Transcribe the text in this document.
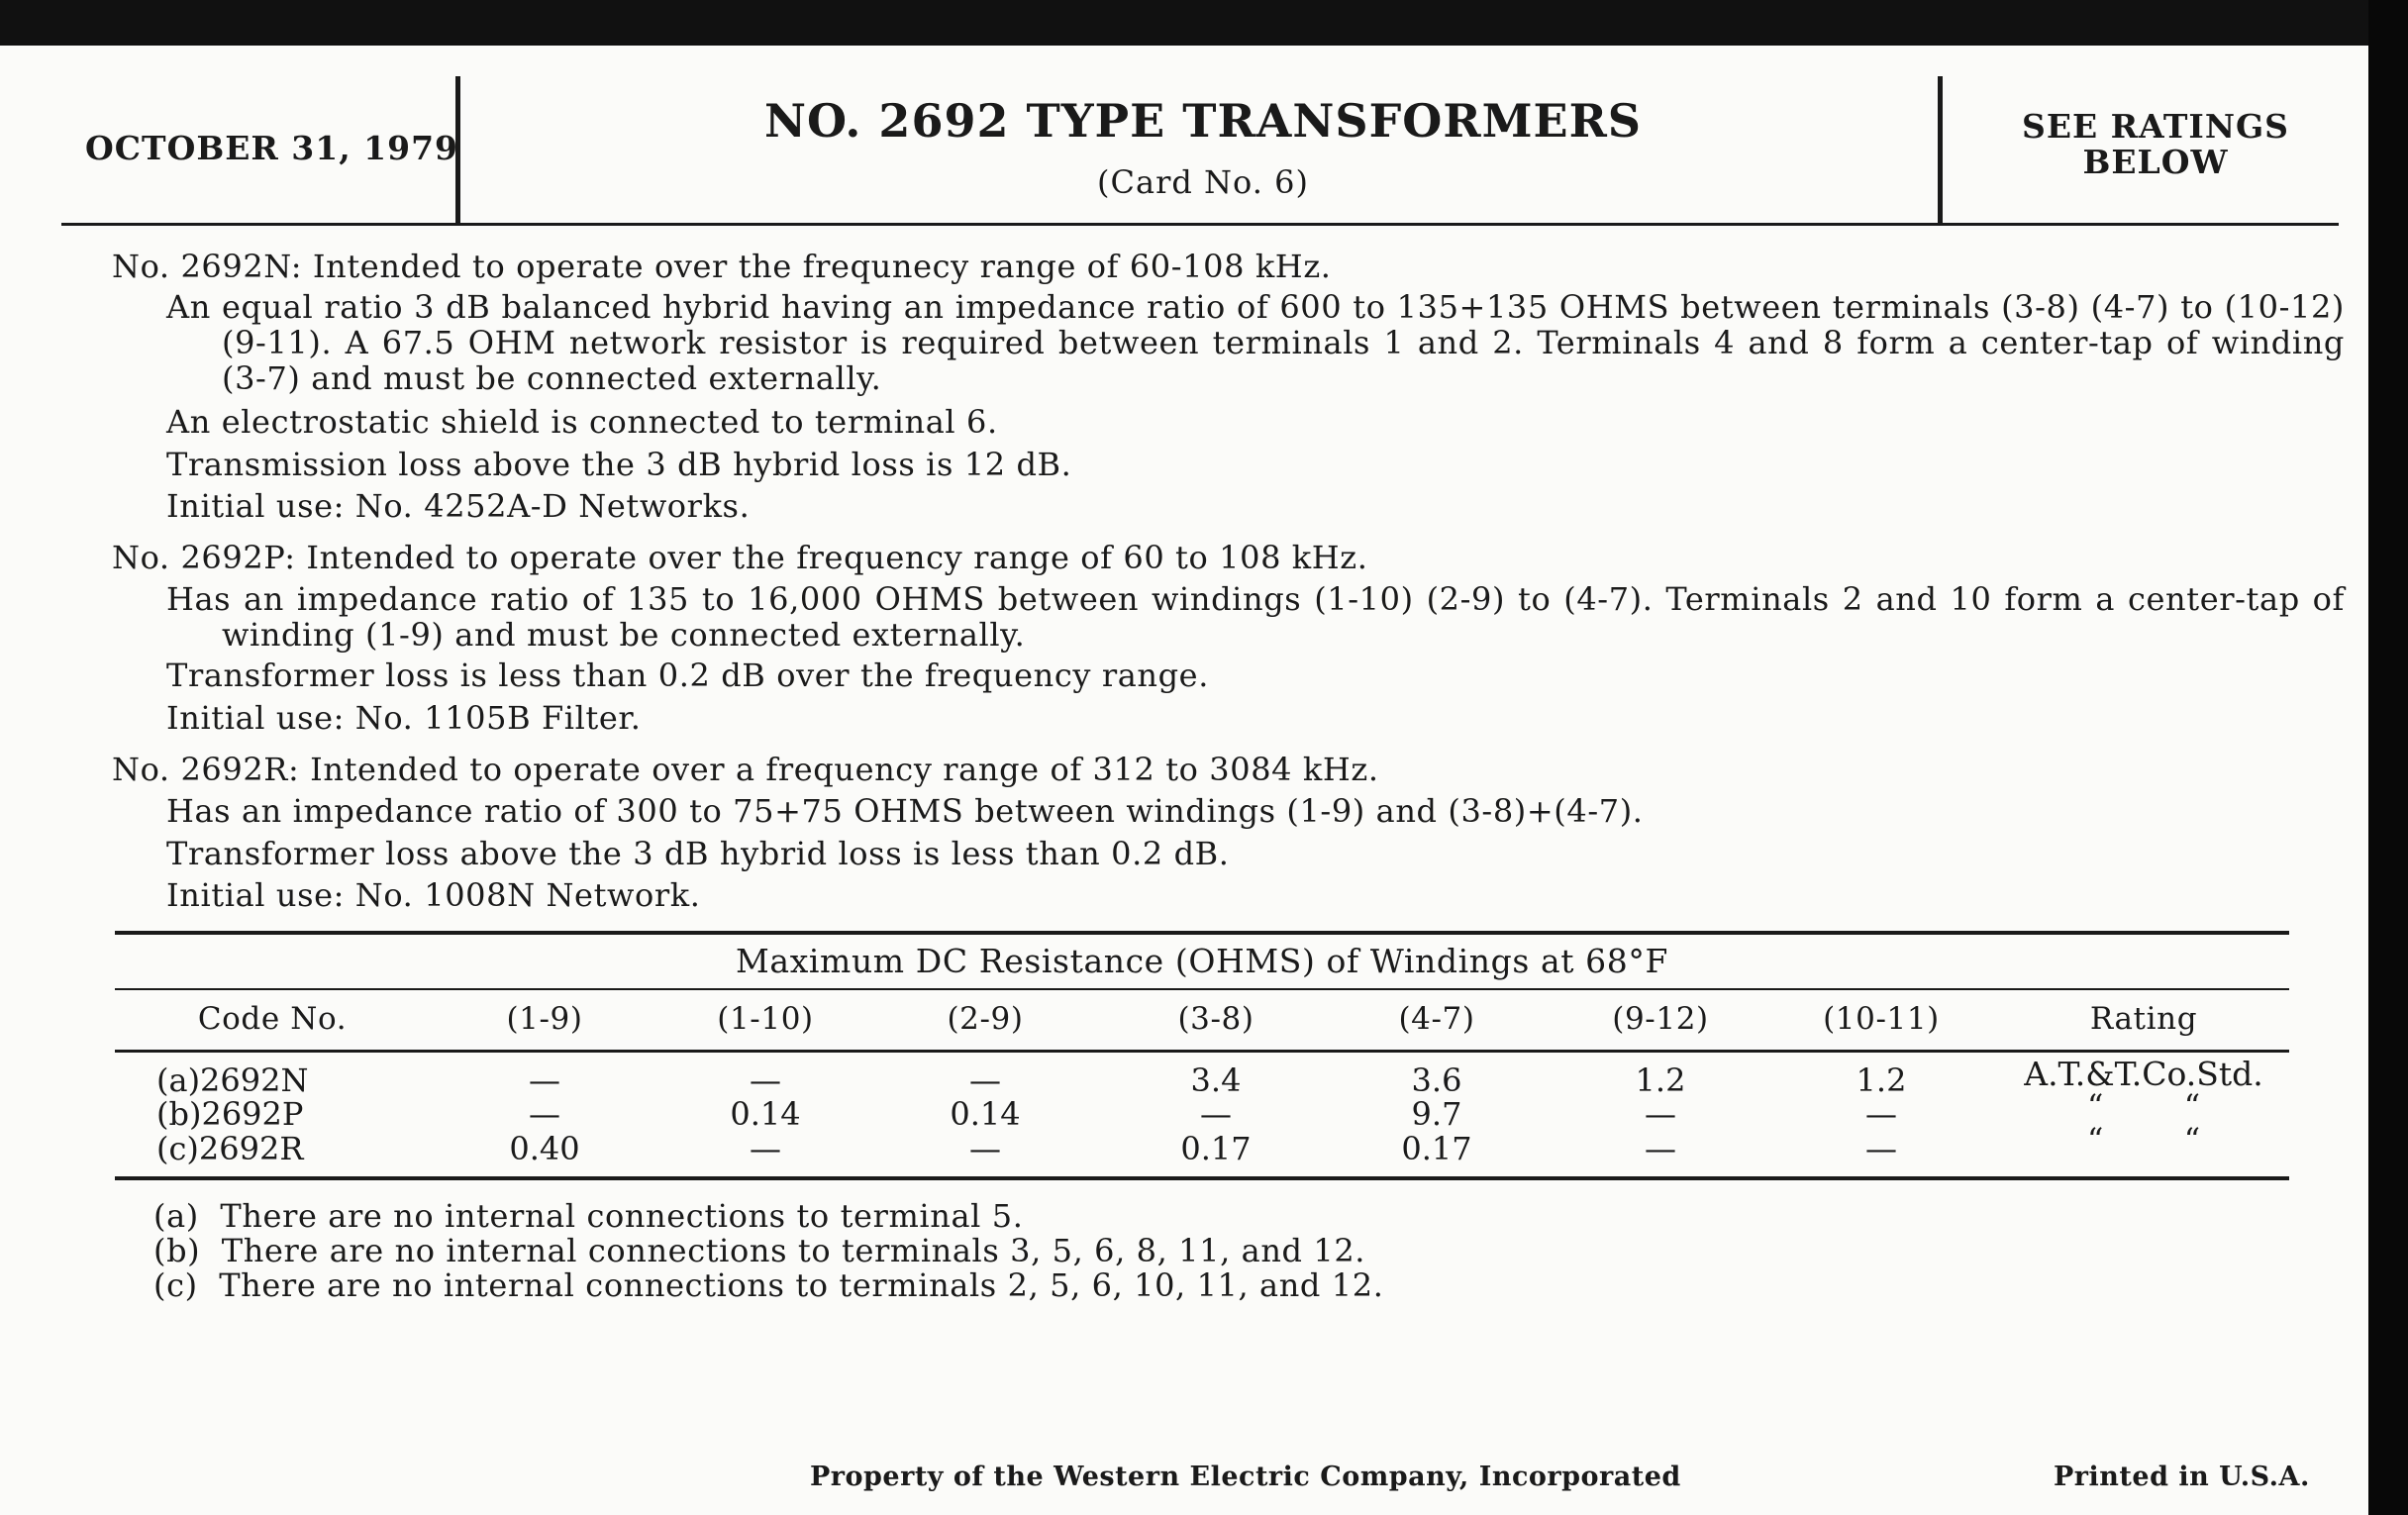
OCTOBER 31, 1979
NO. 2692 TYPE TRANSFORMERS
(Card No. 6)
SEE RATINGS
BELOW
No. 2692N: Intended to operate over the frequnecy range of 60-108 kHz.
An equal ratio 3 dB balanced hybrid having an impedance ratio of 600 to 135+135 OHMS between terminals (3-8) (4-7) to (10-12) (9-11). A 67.5 OHM network resistor is required between terminals 1 and 2. Terminals 4 and 8 form a center-tap of winding (3-7) and must be connected externally.
An electrostatic shield is connected to terminal 6.
Transmission loss above the 3 dB hybrid loss is 12 dB.
Initial use: No. 4252A-D Networks.
No. 2692P: Intended to operate over the frequency range of 60 to 108 kHz.
Has an impedance ratio of 135 to 16,000 OHMS between windings (1-10) (2-9) to (4-7). Terminals 2 and 10 form a center-tap of winding (1-9) and must be connected externally.
Transformer loss is less than 0.2 dB over the frequency range.
Initial use: No. 1105B Filter.
No. 2692R: Intended to operate over a frequency range of 312 to 3084 kHz.
Has an impedance ratio of 300 to 75+75 OHMS between windings (1-9) and (3-8)+(4-7).
Transformer loss above the 3 dB hybrid loss is less than 0.2 dB.
Initial use: No. 1008N Network.
Maximum DC Resistance (OHMS) of Windings at 68°F
Code No.	(1-9)	(1-10)	(2-9)	(3-8)	(4-7)	(9-12)	(10-11)	Rating
(a)2692N	—	—	—	3.4	3.6	1.2	1.2	A.T.&T.Co.Std.
(b)2692P	—	0.14	0.14	—	9.7	—	—	“        “
(c)2692R	0.40	—	—	0.17	0.17	—	—	“        “
(a)  There are no internal connections to terminal 5.
(b)  There are no internal connections to terminals 3, 5, 6, 8, 11, and 12.
(c)  There are no internal connections to terminals 2, 5, 6, 10, 11, and 12.
Property of the Western Electric Company, Incorporated	Printed in U.S.A.
